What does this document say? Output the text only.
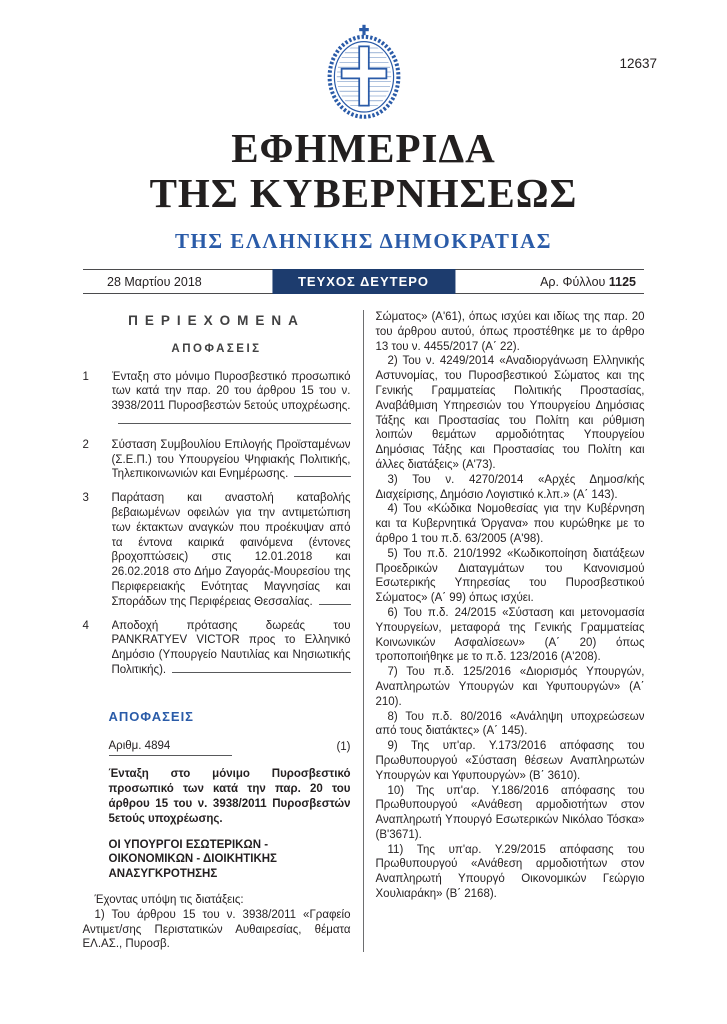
12637
ΕΦΗΜΕΡΙΔΑ
ΤΗΣ ΚΥΒΕΡΝΗΣΕΩΣ
ΤΗΣ ΕΛΛΗΝΙΚΗΣ ΔΗΜΟΚΡΑΤΙΑΣ
28 Μαρτίου 2018	ΤΕΥΧΟΣ ΔΕΥΤΕΡΟ	Αρ. Φύλλου 1125
ΠΕΡΙΕΧΟΜΕΝΑ
ΑΠΟΦΑΣΕΙΣ
1	Ένταξη στο μόνιμο Πυροσβεστικό προσωπικό των κατά την παρ. 20 του άρθρου 15 του ν. 3938/2011 Πυροσβεστών 5ετούς υποχρέωσης.
2	Σύσταση Συμβουλίου Επιλογής Προϊσταμένων (Σ.Ε.Π.) του Υπουργείου Ψηφιακής Πολιτικής, Τηλεπικοινωνιών και Ενημέρωσης.
3	Παράταση και αναστολή καταβολής βεβαιωμένων οφειλών για την αντιμετώπιση των έκτακτων αναγκών που προέκυψαν από τα έντονα καιρικά φαινόμενα (έντονες βροχοπτώσεις) στις 12.01.2018 και 26.02.2018 στο Δήμο Ζαγοράς-Μουρεσίου της Περιφερειακής Ενότητας Μαγνησίας και Σποράδων της Περιφέρειας Θεσσαλίας.
4	Αποδοχή πρότασης δωρεάς του PANKRATYEV VICTOR προς το Ελληνικό Δημόσιο (Υπουργείο Ναυτιλίας και Νησιωτικής Πολιτικής).
ΑΠΟΦΑΣΕΙΣ
Αριθμ. 4894	(1)
Ένταξη στο μόνιμο Πυροσβεστικό προσωπικό των κατά την παρ. 20 του άρθρου 15 του ν. 3938/2011 Πυροσβεστών 5ετούς υποχρέωσης.
ΟΙ ΥΠΟΥΡΓΟΙ ΕΣΩΤΕΡΙΚΩΝ - ΟΙΚΟΝΟΜΙΚΩΝ - ΔΙΟΙΚΗΤΙΚΗΣ ΑΝΑΣΥΓΚΡΟΤΗΣΗΣ

Έχοντας υπόψη τις διατάξεις:

1) Του άρθρου 15 του ν. 3938/2011 «Γραφείο Αντιμετ/σης Περιστατικών Αυθαιρεσίας, θέματα ΕΛ.ΑΣ., Πυροσβ.

Σώματος» (Α'61), όπως ισχύει και ιδίως της παρ. 20 του άρθρου αυτού, όπως προστέθηκε με το άρθρο 13 του ν. 4455/2017 (Α΄ 22).

2) Του ν. 4249/2014 «Αναδιοργάνωση Ελληνικής Αστυνομίας, του Πυροσβεστικού Σώματος και της Γενικής Γραμματείας Πολιτικής Προστασίας, Αναβάθμιση Υπηρεσιών του Υπουργείου Δημόσιας Τάξης και Προστασίας του Πολίτη και ρύθμιση λοιπών θεμάτων αρμοδιότητας Υπουργείου Δημόσιας Τάξης και Προστασίας του Πολίτη και άλλες διατάξεις» (Α'73).

3) Του ν. 4270/2014 «Αρχές Δημοσ/κής Διαχείρισης, Δημόσιο Λογιστικό κ.λπ.» (Α΄ 143).

4) Του «Κώδικα Νομοθεσίας για την Κυβέρνηση και τα Κυβερνητικά Όργανα» που κυρώθηκε με το άρθρο 1 του π.δ. 63/2005 (Α'98).

5) Του π.δ. 210/1992 «Κωδικοποίηση διατάξεων Προεδρικών Διαταγμάτων του Κανονισμού Εσωτερικής Υπηρεσίας του Πυροσβεστικού Σώματος» (Α΄ 99) όπως ισχύει.

6) Του π.δ. 24/2015 «Σύσταση και μετονομασία Υπουργείων, μεταφορά της Γενικής Γραμματείας Κοινωνικών Ασφαλίσεων» (Α΄ 20) όπως τροποποιήθηκε με το π.δ. 123/2016 (Α'208).

7) Του π.δ. 125/2016 «Διορισμός Υπουργών, Αναπληρωτών Υπουργών και Υφυπουργών» (Α΄ 210).

8) Του π.δ. 80/2016 «Ανάληψη υποχρεώσεων από τους διατάκτες» (Α΄ 145).

9) Της υπ'αρ. Υ.173/2016 απόφασης του Πρωθυπουργού «Σύσταση θέσεων Αναπληρωτών Υπουργών και Υφυπουργών» (Β΄ 3610).

10) Της υπ'αρ. Υ.186/2016 απόφασης του Πρωθυπουργού «Ανάθεση αρμοδιοτήτων στον Αναπληρωτή Υπουργό Εσωτερικών Νικόλαο Τόσκα» (Β'3671).

11) Της υπ'αρ. Υ.29/2015 απόφασης του Πρωθυπουργού «Ανάθεση αρμοδιοτήτων στον Αναπληρωτή Υπουργό Οικονομικών Γεώργιο Χουλιαράκη» (Β΄ 2168).
